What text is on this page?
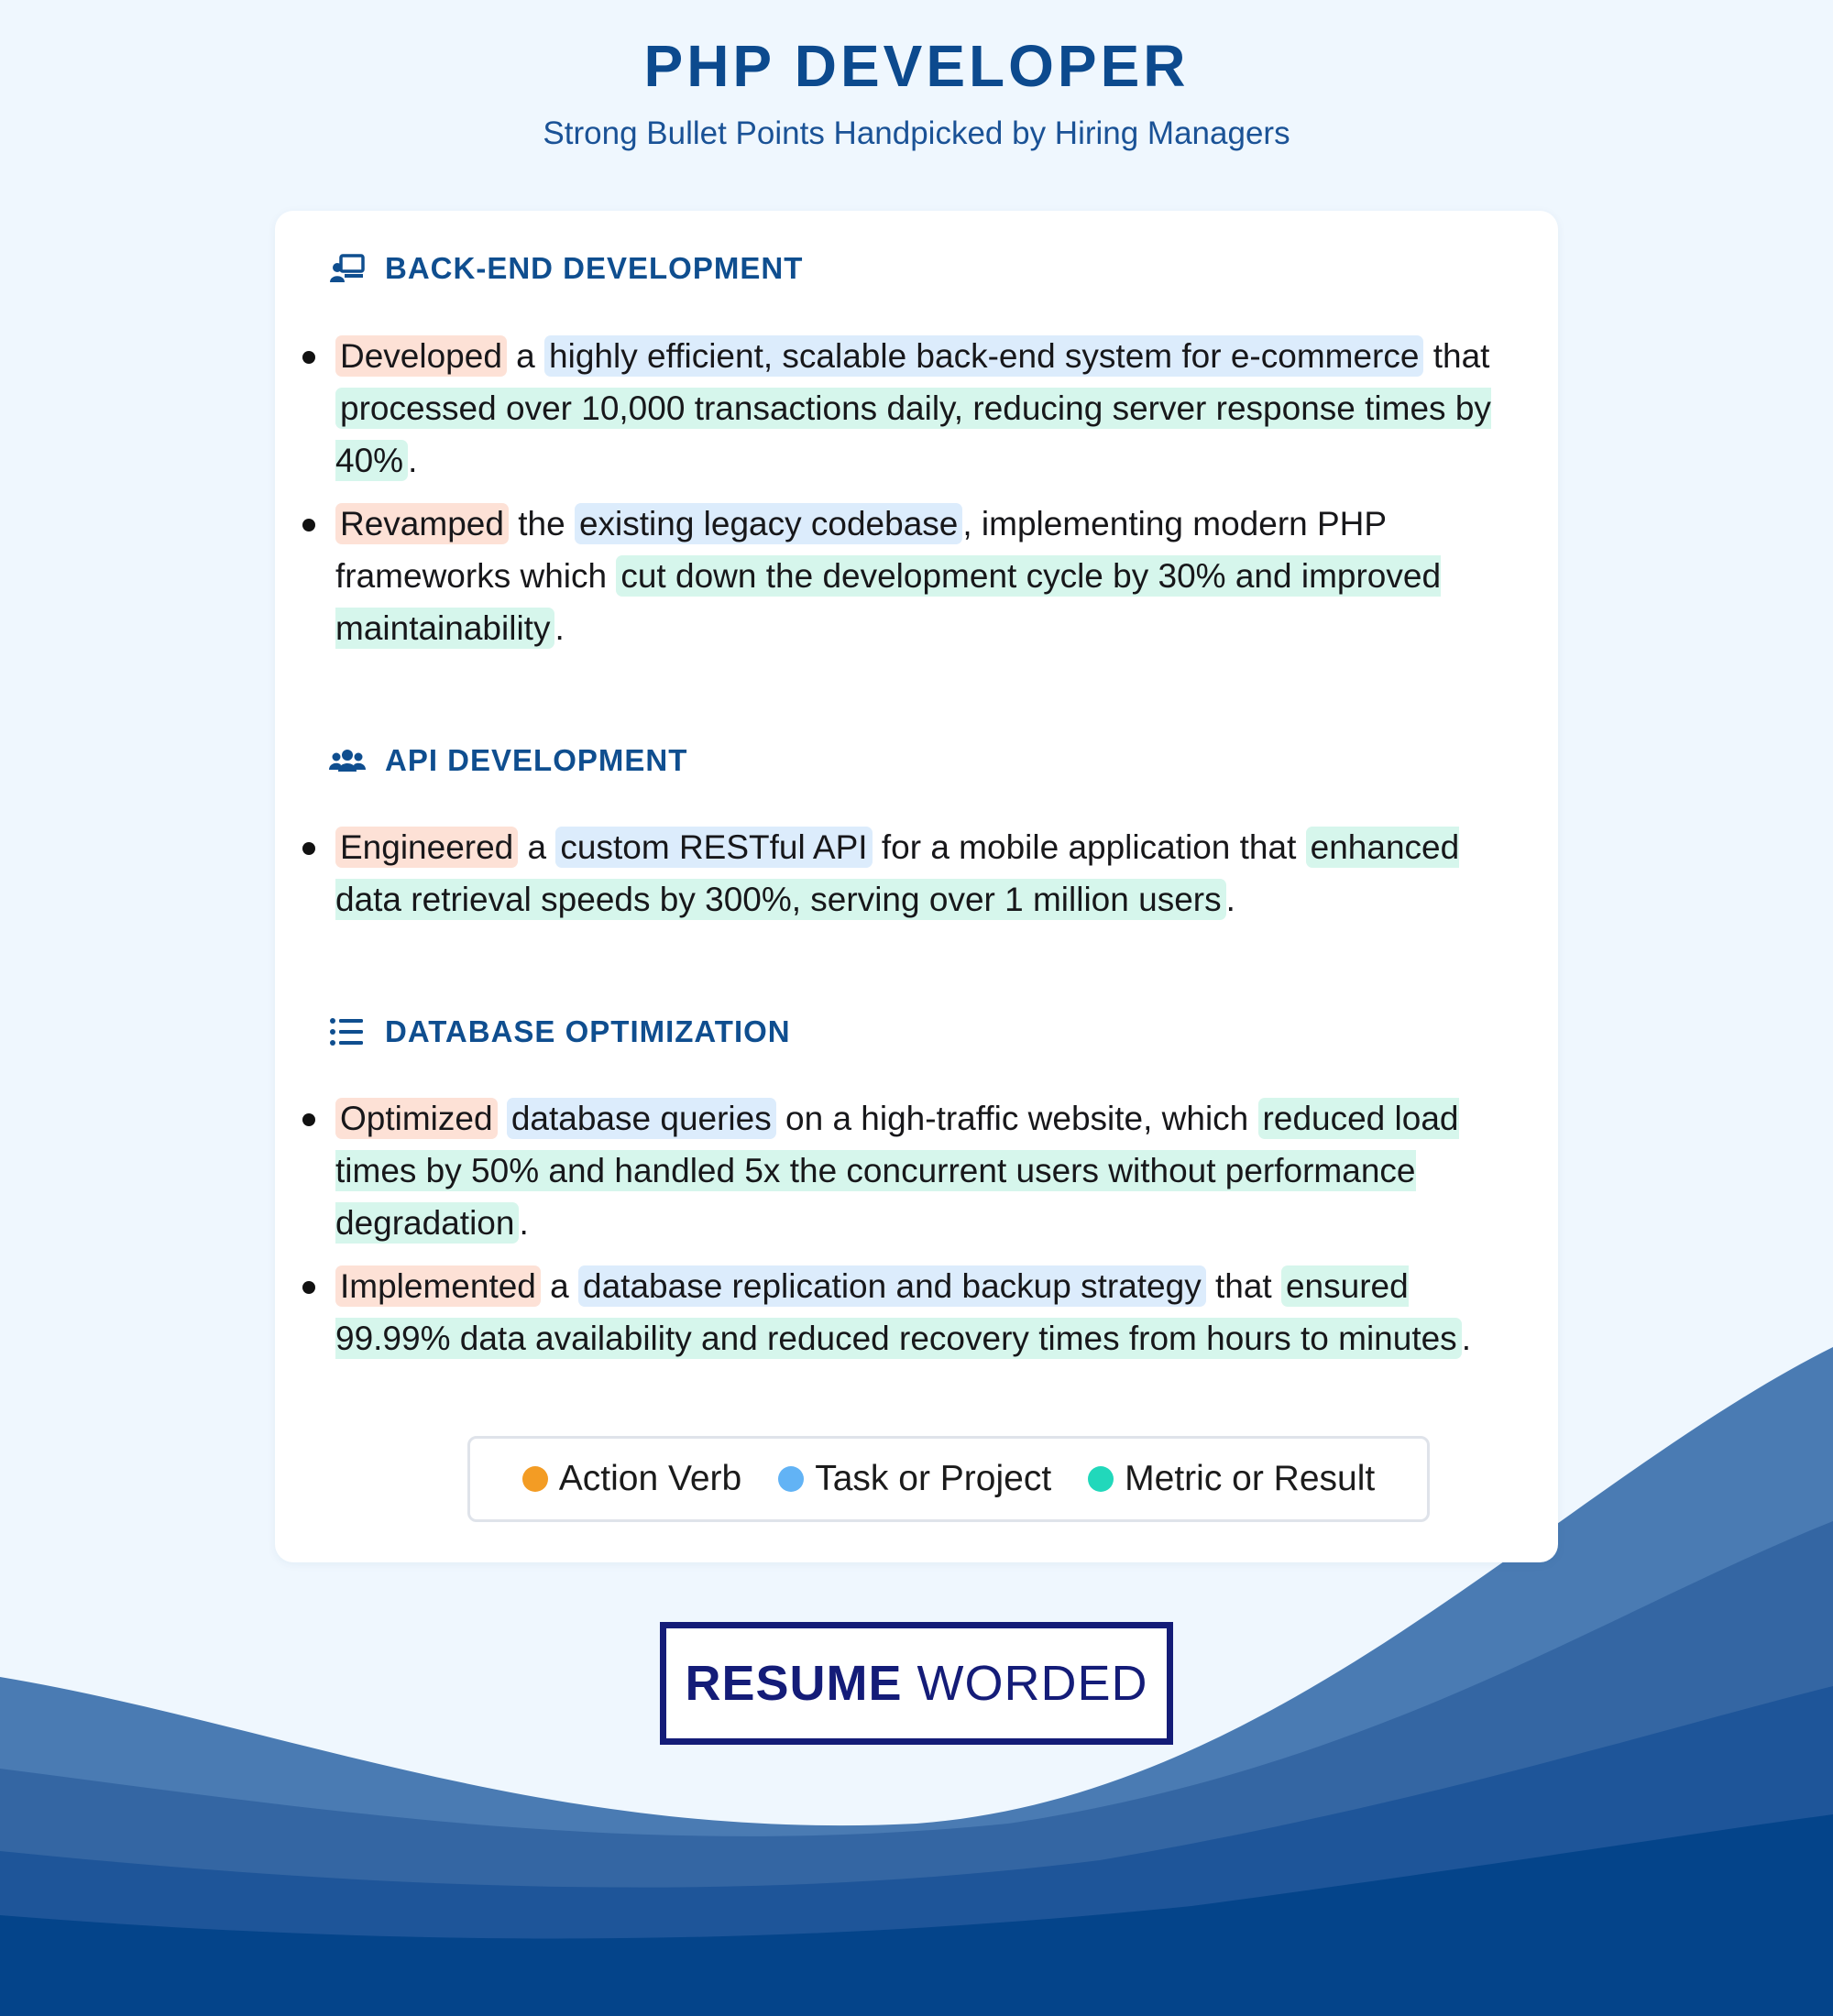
PHP DEVELOPER
Strong Bullet Points Handpicked by Hiring Managers
BACK-END DEVELOPMENT
Developed a highly efficient, scalable back-end system for e-commerce that processed over 10,000 transactions daily, reducing server response times by 40% .
Revamped the existing legacy codebase , implementing modern PHP frameworks which cut down the development cycle by 30% and improved maintainability .
API DEVELOPMENT
Engineered a custom RESTful API for a mobile application that enhanced data retrieval speeds by 300%, serving over 1 million users .
DATABASE OPTIMIZATION
Optimized database queries on a high-traffic website, which reduced load times by 50% and handled 5x the concurrent users without performance degradation .
Implemented a database replication and backup strategy that ensured 99.99% data availability and reduced recovery times from hours to minutes .
Action Verb Task or Project Metric or Result
RESUME WORDED
